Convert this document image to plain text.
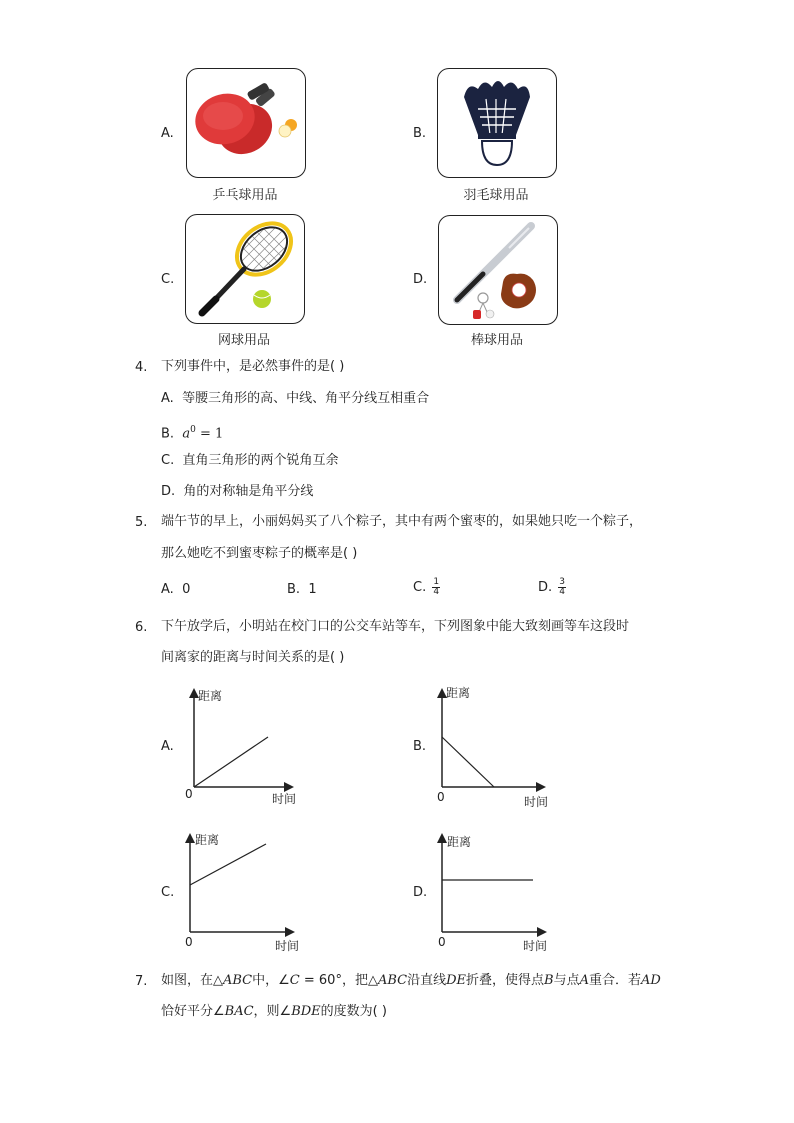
A.
乒乓球用品
B.
羽毛球用品
C.
网球用品
D.
棒球用品
4. 下列事件中，是必然事件的是( )
A. 等腰三角形的高、中线、角平分线互相重合
B. $a^0 = 1$
C. 直角三角形的两个锐角互余
D. 角的对称轴是角平分线
5. 端午节的早上，小丽妈妈买了八个粽子，其中有两个蜜枣的，如果她只吃一个粽子，
那么她吃不到蜜枣粽子的概率是( )
A. 0	B. 1	C. $\frac{1}{4}$	D. $\frac{3}{4}$
6. 下午放学后，小明站在校门口的公交车站等车，下列图象中能大致刻画等车这段时
间离家的距离与时间关系的是( )
A.
距离
0	时间
B.
距离
0	时间
C.
距离
0	时间
D.
距离
0	时间
7. 如图，在△ABC中，∠C = 60°，把△ABC沿直线DE折叠，使得点B与点A重合．若AD
恰好平分∠BAC，则∠BDE的度数为( )
